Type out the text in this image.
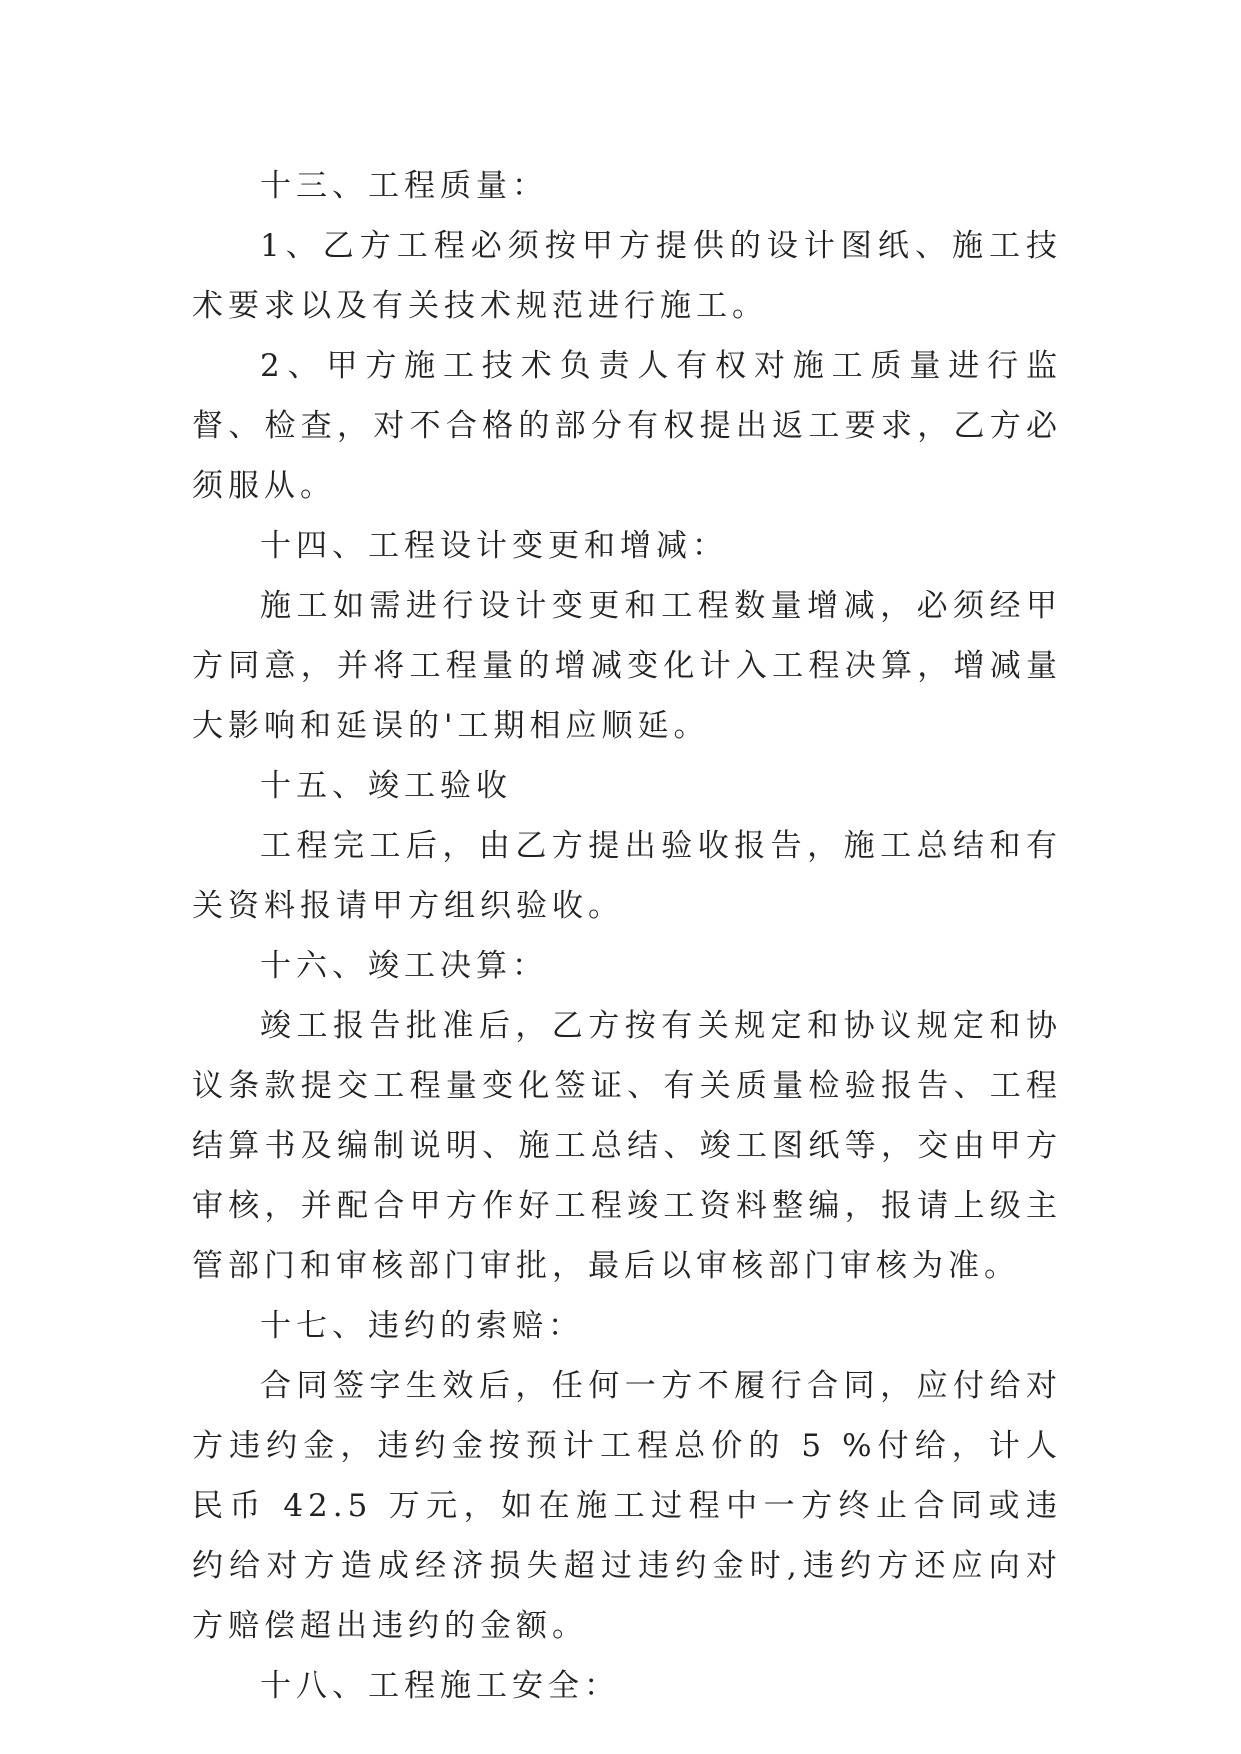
十三、工程质量：

1、乙方工程必须按甲方提供的设计图纸、施工技术要求以及有关技术规范进行施工。

2、甲方施工技术负责人有权对施工质量进行监督、检查，对不合格的部分有权提出返工要求，乙方必须服从。

十四、工程设计变更和增减：

施工如需进行设计变更和工程数量增减，必须经甲方同意，并将工程量的增减变化计入工程决算，增减量大影响和延误的'工期相应顺延。

十五、竣工验收

工程完工后，由乙方提出验收报告，施工总结和有关资料报请甲方组织验收。

十六、竣工决算：

竣工报告批准后，乙方按有关规定和协议规定和协议条款提交工程量变化签证、有关质量检验报告、工程结算书及编制说明、施工总结、竣工图纸等，交由甲方审核，并配合甲方作好工程竣工资料整编，报请上级主管部门和审核部门审批，最后以审核部门审核为准。

十七、违约的索赔：

合同签字生效后，任何一方不履行合同，应付给对方违约金，违约金按预计工程总价的 5 %付给，计人民币 42.5 万元，如在施工过程中一方终止合同或违约给对方造成经济损失超过违约金时,违约方还应向对方赔偿超出违约的金额。

十八、工程施工安全：
